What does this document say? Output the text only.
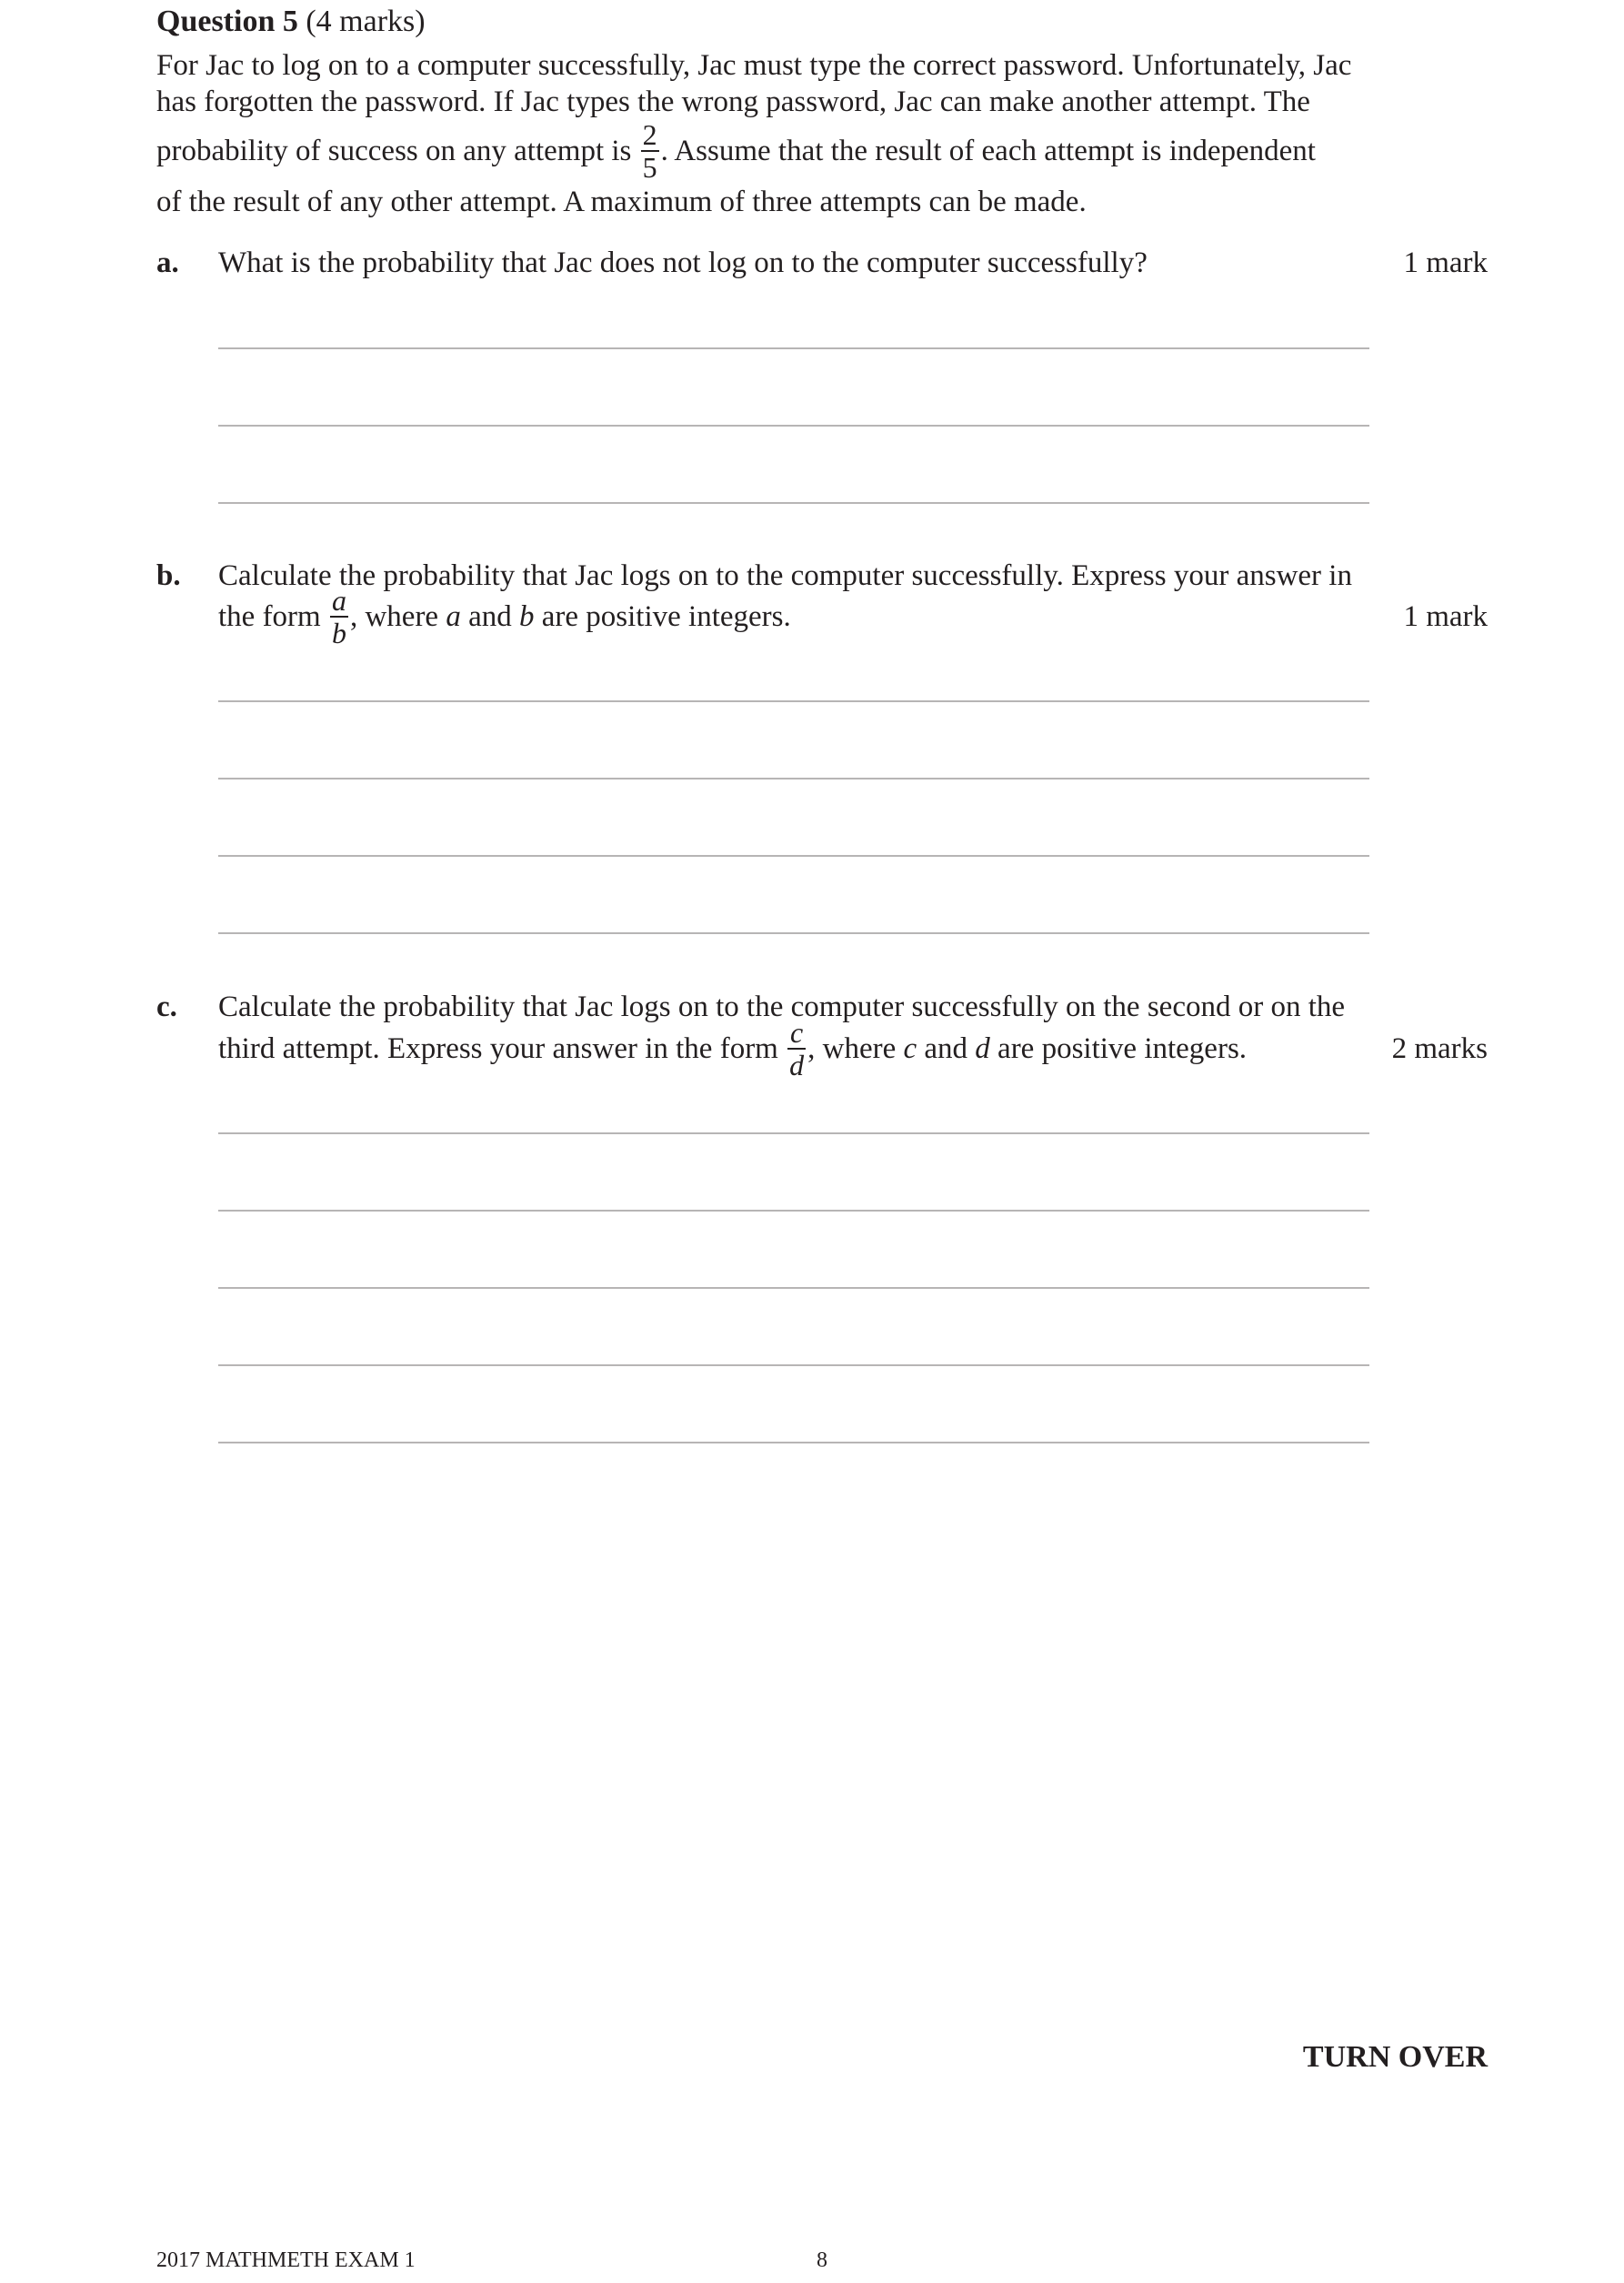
Question 5 (4 marks)
For Jac to log on to a computer successfully, Jac must type the correct password. Unfortunately, Jac
has forgotten the password. If Jac types the wrong password, Jac can make another attempt. The
probability of success on any attempt is $\frac{2}{5}$ . Assume that the result of each attempt is independent
of the result of any other attempt. A maximum of three attempts can be made.
a. What is the probability that Jac does not log on to the computer successfully?	1 mark
b. Calculate the probability that Jac logs on to the computer successfully. Express your answer in
the form $\frac{a}{b}$ , where a and b are positive integers.	1 mark
c. Calculate the probability that Jac logs on to the computer successfully on the second or on the
third attempt. Express your answer in the form $\frac{c}{d}$ , where c and d are positive integers.	2 marks
TURN OVER
2017 MATHMETH EXAM 1	8
